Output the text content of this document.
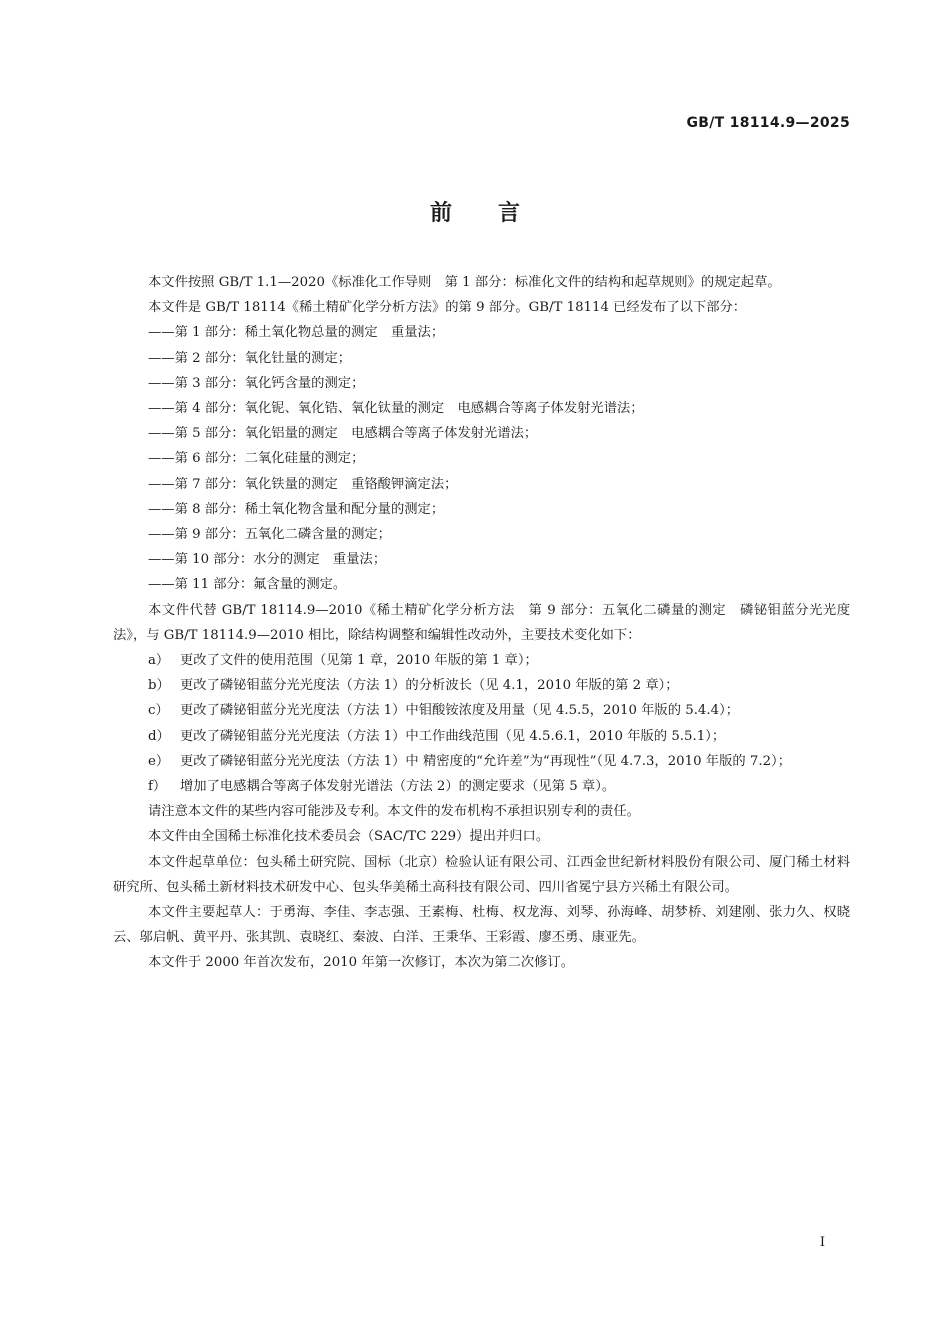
GB/T 18114.9—2025
前言

本文件按照 GB/T 1.1—2020《标准化工作导则　第 1 部分：标准化文件的结构和起草规则》的规定起草。

本文件是 GB/T 18114《稀土精矿化学分析方法》的第 9 部分。GB/T 18114 已经发布了以下部分：

——第 1 部分：稀土氧化物总量的测定　重量法；

——第 2 部分：氧化钍量的测定；

——第 3 部分：氧化钙含量的测定；

——第 4 部分：氧化铌、氧化锆、氧化钛量的测定　电感耦合等离子体发射光谱法；

——第 5 部分：氧化铝量的测定　电感耦合等离子体发射光谱法；

——第 6 部分：二氧化硅量的测定；

——第 7 部分：氧化铁量的测定　重铬酸钾滴定法；

——第 8 部分：稀土氧化物含量和配分量的测定；

——第 9 部分：五氧化二磷含量的测定；

——第 10 部分：水分的测定　重量法；

——第 11 部分：氟含量的测定。

本文件代替 GB/T 18114.9—2010《稀土精矿化学分析方法　第 9 部分：五氧化二磷量的测定　磷铋钼蓝分光光度法》，与 GB/T 18114.9—2010 相比，除结构调整和编辑性改动外，主要技术变化如下：

a） 更改了文件的使用范围（见第 1 章，2010 年版的第 1 章）；
b） 更改了磷铋钼蓝分光光度法（方法 1）的分析波长（见 4.1，2010 年版的第 2 章）；
c） 更改了磷铋钼蓝分光光度法（方法 1）中钼酸铵浓度及用量（见 4.5.5，2010 年版的 5.4.4）；
d） 更改了磷铋钼蓝分光光度法（方法 1）中工作曲线范围（见 4.5.6.1，2010 年版的 5.5.1）；
e） 更改了磷铋钼蓝分光光度法（方法 1）中 精密度的“允许差”为“再现性”（见 4.7.3，2010 年版的 7.2）；
f）	增加了电感耦合等离子体发射光谱法（方法 2）的测定要求（见第 5 章）。

请注意本文件的某些内容可能涉及专利。本文件的发布机构不承担识别专利的责任。

本文件由全国稀土标准化技术委员会（SAC/TC 229）提出并归口。

本文件起草单位：包头稀土研究院、国标（北京）检验认证有限公司、江西金世纪新材料股份有限公司、厦门稀土材料研究所、包头稀土新材料技术研发中心、包头华美稀土高科技有限公司、四川省冕宁县方兴稀土有限公司。

本文件主要起草人：于勇海、李佳、李志强、王素梅、杜梅、权龙海、刘琴、孙海峰、胡梦桥、刘建刚、张力久、权晓云、邬启帆、黄平丹、张其凯、袁晓红、秦波、白洋、王秉华、王彩霞、廖丕勇、康亚先。

本文件于 2000 年首次发布，2010 年第一次修订，本次为第二次修订。

I
